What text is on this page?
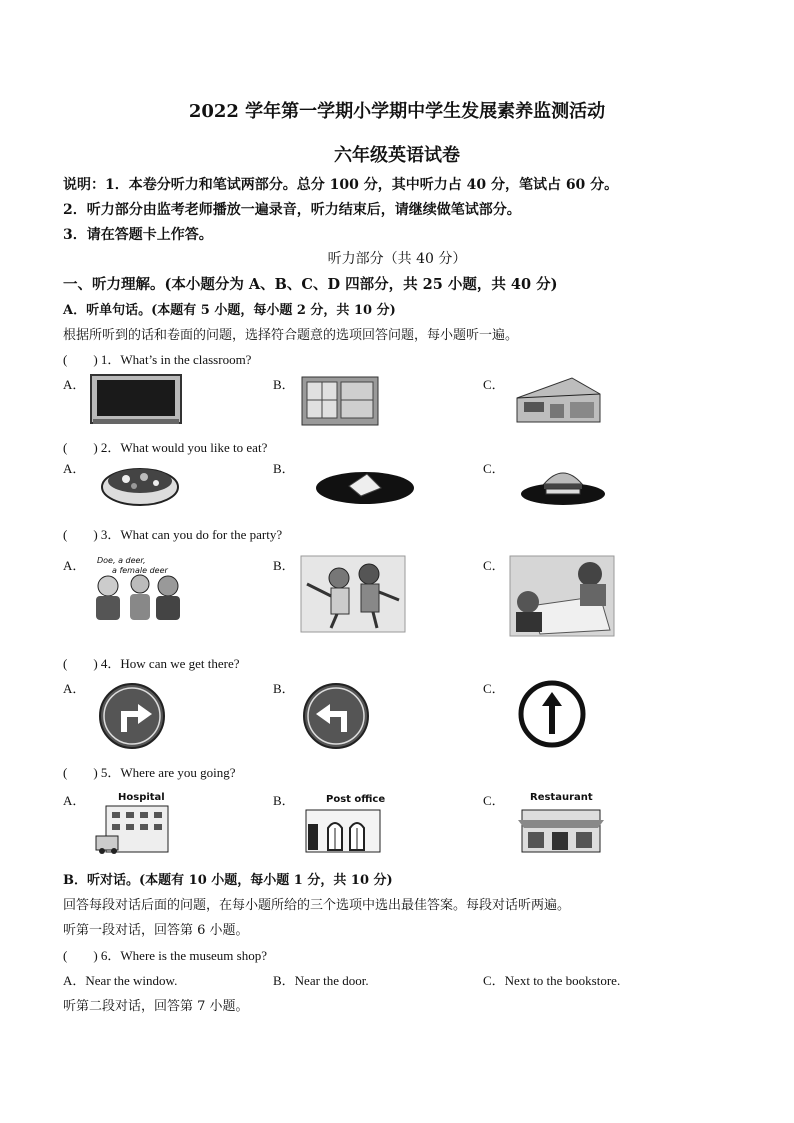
2022 学年第一学期小学期中学生发展素养监测活动
六年级英语试卷
说明：1．本卷分听力和笔试两部分。总分 100 分，其中听力占 40 分，笔试占 60 分。
2．听力部分由监考老师播放一遍录音，听力结束后，请继续做笔试部分。
3．请在答题卡上作答。
听力部分（共 40 分）
一、听力理解。(本小题分为 A、B、C、D 四部分，共 25 小题，共 40 分)
A．听单句话。(本题有 5 小题，每小题 2 分，共 10 分)
根据所听到的话和卷面的问题，选择符合题意的选项回答问题，每小题听一遍。
(　　) 1．What’s in the classroom?
A．	B．	C．
(　　) 2．What would you like to eat?
A．	B．	C．
(　　) 3．What can you do for the party?
A．	B．	C．
Doe, a deer,
a female deer
(　　) 4．How can we get there?
A．	B．	C．
(　　) 5．Where are you going?
A．	B．	C．
Hospital	Post office	Restaurant
B．听对话。(本题有 10 小题，每小题 1 分，共 10 分)
回答每段对话后面的问题，在每小题所给的三个选项中选出最佳答案。每段对话听两遍。
听第一段对话，回答第 6 小题。
(　　) 6．Where is the museum shop?
A．Near the window.	B．Near the door.	C．Next to the bookstore.
听第二段对话，回答第 7 小题。
